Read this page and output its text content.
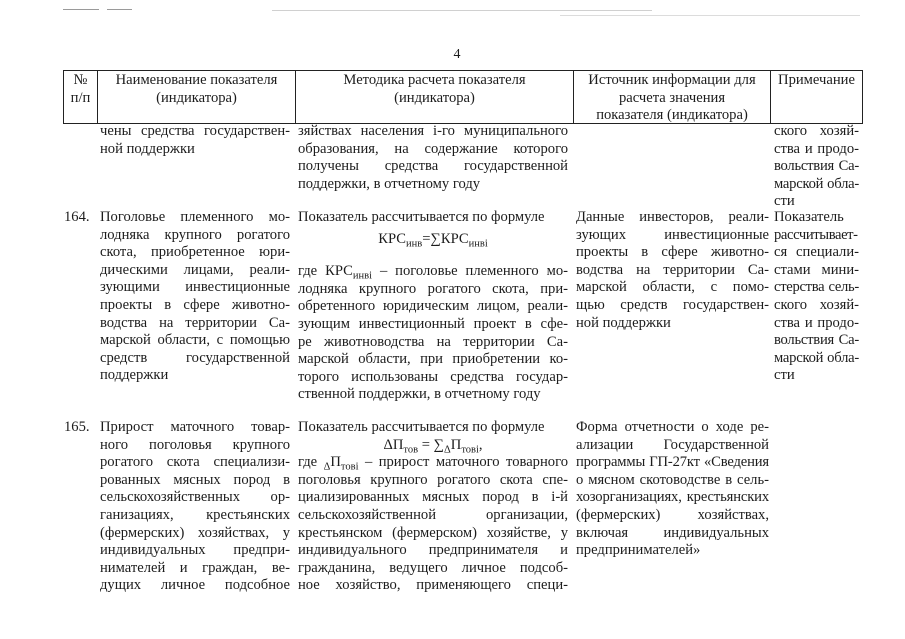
4
№
п/п
Наименование показателя
(индикатора)
Методика расчета показателя
(индикатора)
Источник информации для
расчета значения
показателя (индикатора)
Примечание
чены средства государствен-
ной поддержки
зяйствах населения i-го муниципального
образования, на содержание которого
получены средства государственной
поддержки, в отчетному году
ского хозяй-
ства и продо-
вольствия Са-
марской обла-
сти
164. Поголовье племенного мо-
лодняка крупного рогатого
скота, приобретенное юри-
дическими лицами, реали-
зующими инвестиционные
проекты в сфере животно-
водства на территории Са-
марской области, с помощью
средств государственной
поддержки
Показатель рассчитывается по формуле
$КРС_{инв}=\sum КРС_{инвi}$
где $КРС_{инвi}$ – поголовье племенного мо-
лодняка крупного рогатого скота, при-
обретенного юридическим лицом, реали-
зующим инвестиционный проект в сфе-
ре животноводства на территории Са-
марской области, при приобретении ко-
торого использованы средства государ-
ственной поддержки, в отчетному году
Данные инвесторов, реали-
зующих инвестиционные
проекты в сфере животно-
водства на территории Са-
марской области, с помо-
щью средств государствен-
ной поддержки
Показатель
рассчитывает-
ся специали-
стами мини-
стерства сель-
ского хозяй-
ства и продо-
вольствия Са-
марской обла-
сти
165. Прирост маточного товар-
ного поголовья крупного
рогатого скота специализи-
рованных мясных пород в
сельскохозяйственных ор-
ганизациях, крестьянских
(фермерских) хозяйствах, у
индивидуальных предпри-
нимателей и граждан, ве-
дущих личное подсобное
Показатель рассчитывается по формуле
$\Delta П_{тов} = \sum_\Delta П_{товi}$,
где $_\Delta П_{товi}$ – прирост маточного товарного
поголовья крупного рогатого скота спе-
циализированных мясных пород в i-й
сельскохозяйственной организации,
крестьянском (фермерском) хозяйстве, у
индивидуального предпринимателя и
гражданина, ведущего личное подсоб-
ное хозяйство, применяющего специ-
Форма отчетности о ходе ре-
ализации Государственной
программы ГП-27кт «Сведения
о мясном скотоводстве в сель-
хозорганизациях, крестьянских
(фермерских) хозяйствах,
включая индивидуальных
предпринимателей»
